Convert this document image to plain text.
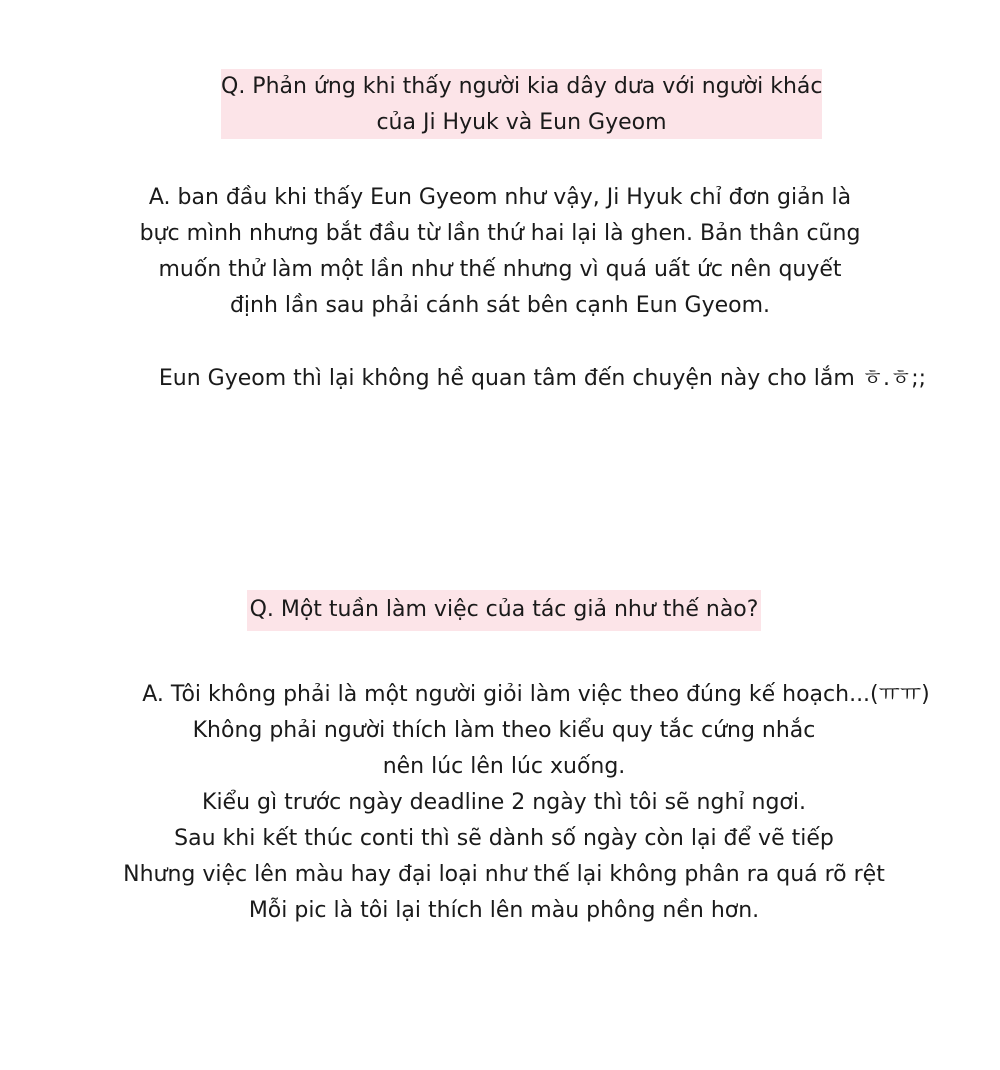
Q. Phản ứng khi thấy người kia dây dưa với người khác
của Ji Hyuk và Eun Gyeom
A. ban đầu khi thấy Eun Gyeom như vậy, Ji Hyuk chỉ đơn giản là
bực mình nhưng bắt đầu từ lần thứ hai lại là ghen. Bản thân cũng
muốn thử làm một lần như thế nhưng vì quá uất ức nên quyết
định lần sau phải cánh sát bên cạnh Eun Gyeom.
Eun Gyeom thì lại không hề quan tâm đến chuyện này cho lắm ㅎ.ㅎ;;
Q. Một tuần làm việc của tác giả như thế nào?
A. Tôi không phải là một người giỏi làm việc theo đúng kế hoạch...(ㅠㅠ)
Không phải người thích làm theo kiểu quy tắc cứng nhắc
nên lúc lên lúc xuống.
Kiểu gì trước ngày deadline 2 ngày thì tôi sẽ nghỉ ngơi.
Sau khi kết thúc conti thì sẽ dành số ngày còn lại để vẽ tiếp
Nhưng việc lên màu hay đại loại như thế lại không phân ra quá rõ rệt
Mỗi pic là tôi lại thích lên màu phông nền hơn.
